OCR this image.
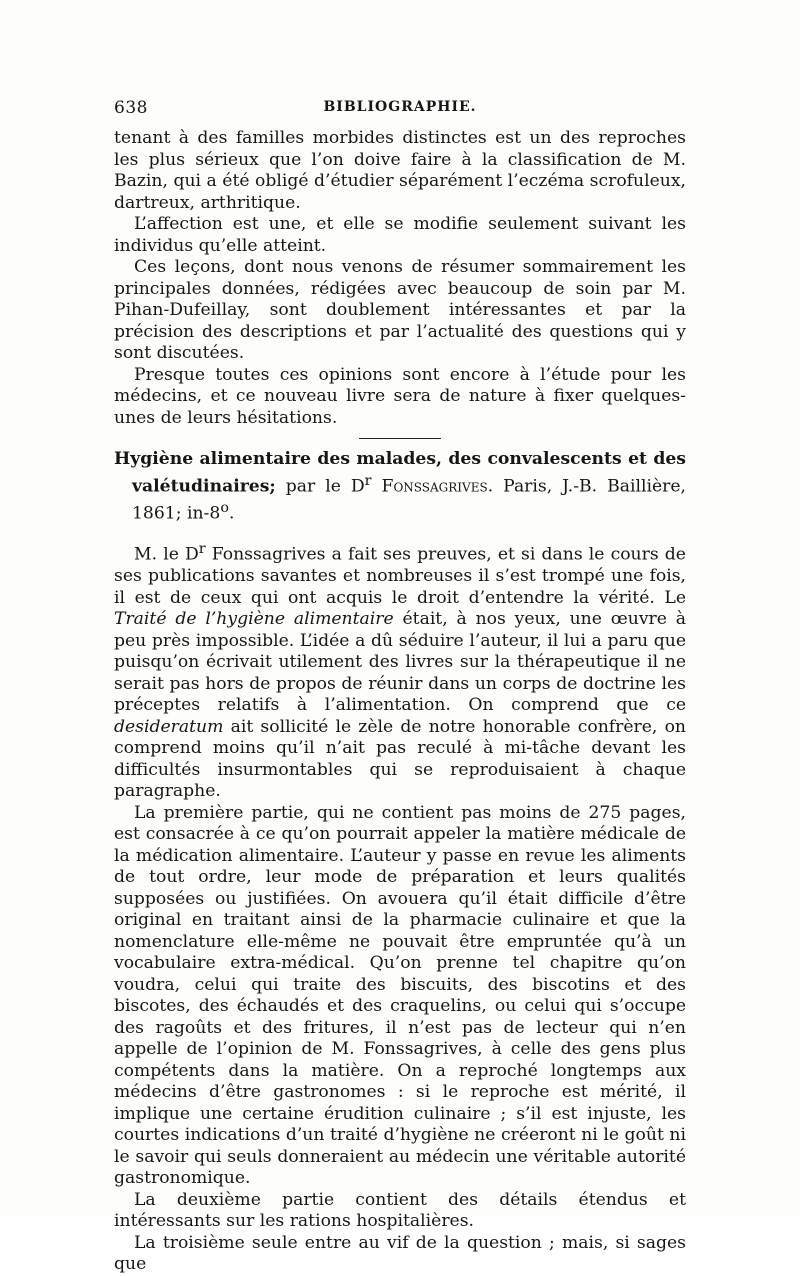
638	BIBLIOGRAPHIE.

tenant à des familles morbides distinctes est un des reproches les plus sérieux que l’on doive faire à la classification de M. Bazin, qui a été obligé d’étudier séparément l’eczéma scrofuleux, dartreux, arthritique.

L’affection est une, et elle se modifie seulement suivant les individus qu’elle atteint.

Ces leçons, dont nous venons de résumer sommairement les principales données, rédigées avec beaucoup de soin par M. Pihan-Dufeillay, sont doublement intéressantes et par la précision des descriptions et par l’actualité des questions qui y sont discutées.

Presque toutes ces opinions sont encore à l’étude pour les médecins, et ce nouveau livre sera de nature à fixer quelques-unes de leurs hésitations.

Hygiène alimentaire des malades, des convalescents et des valétudinaires; par le $D^r$ Fonssagrives. Paris, J.-B. Baillière, 1861; in-8$^o$.

M. le $D^r$ Fonssagrives a fait ses preuves, et si dans le cours de ses publications savantes et nombreuses il s’est trompé une fois, il est de ceux qui ont acquis le droit d’entendre la vérité. Le Traité de l’hygiène alimentaire était, à nos yeux, une œuvre à peu près impossible. L’idée a dû séduire l’auteur, il lui a paru que puisqu’on écrivait utilement des livres sur la thérapeutique il ne serait pas hors de propos de réunir dans un corps de doctrine les préceptes relatifs à l’alimentation. On comprend que ce desideratum ait sollicité le zèle de notre honorable confrère, on comprend moins qu’il n’ait pas reculé à mi-tâche devant les difficultés insurmontables qui se reproduisaient à chaque paragraphe.

La première partie, qui ne contient pas moins de 275 pages, est consacrée à ce qu’on pourrait appeler la matière médicale de la médication alimentaire. L’auteur y passe en revue les aliments de tout ordre, leur mode de préparation et leurs qualités supposées ou justifiées. On avouera qu’il était difficile d’être original en traitant ainsi de la pharmacie culinaire et que la nomenclature elle-même ne pouvait être empruntée qu’à un vocabulaire extra-médical. Qu’on prenne tel chapitre qu’on voudra, celui qui traite des biscuits, des biscotins et des biscotes, des échaudés et des craquelins, ou celui qui s’occupe des ragoûts et des fritures, il n’est pas de lecteur qui n’en appelle de l’opinion de M. Fonssagrives, à celle des gens plus compétents dans la matière. On a reproché longtemps aux médecins d’être gastronomes : si le reproche est mérité, il implique une certaine érudition culinaire ; s’il est injuste, les courtes indications d’un traité d’hygiène ne créeront ni le goût ni le savoir qui seuls donneraient au médecin une véritable autorité gastronomique.

La deuxième partie contient des détails étendus et intéressants sur les rations hospitalières.

La troisième seule entre au vif de la question ; mais, si sages que
